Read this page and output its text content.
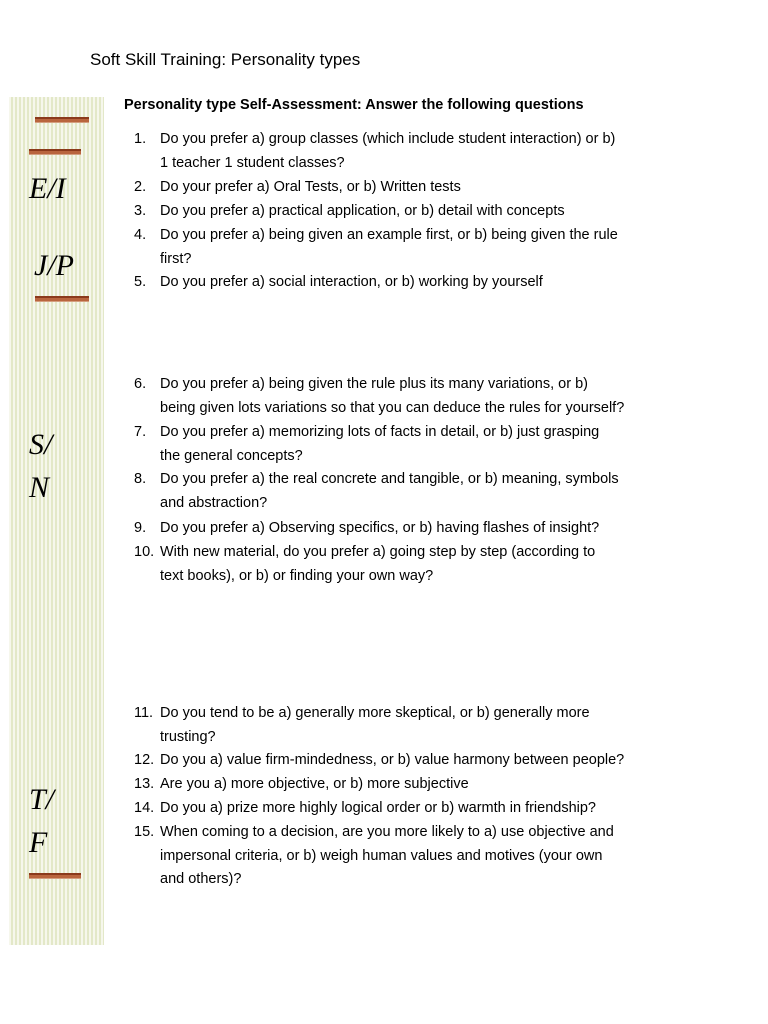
Soft Skill Training: Personality types
E/I
J/P
S/
N
T/
F
Personality type Self-Assessment: Answer the following questions
1. Do you prefer a) group classes (which include student interaction) or b)
1 teacher 1 student classes?
2. Do your prefer a) Oral Tests, or b) Written tests
3. Do you prefer a) practical application, or b) detail with concepts
4. Do you prefer a) being given an example first, or b) being given the rule
first?
5. Do you prefer a) social interaction, or b) working by yourself
6. Do you prefer a) being given the rule plus its many variations, or b)
being given lots variations so that you can deduce the rules for yourself?
7. Do you prefer a) memorizing lots of facts in detail, or b) just grasping
the general concepts?
8. Do you prefer a) the real concrete and tangible, or b) meaning, symbols
and abstraction?
9. Do you prefer a) Observing specifics, or b) having flashes of insight?
10. With new material, do you prefer a) going step by step (according to
text books), or b) or finding your own way?
11. Do you tend to be a) generally more skeptical, or b) generally more
trusting?
12. Do you a) value firm-mindedness, or b) value harmony between people?
13. Are you a) more objective, or b) more subjective
14. Do you a) prize more highly logical order or b) warmth in friendship?
15. When coming to a decision, are you more likely to a) use objective and
impersonal criteria, or b) weigh human values and motives (your own
and others)?
